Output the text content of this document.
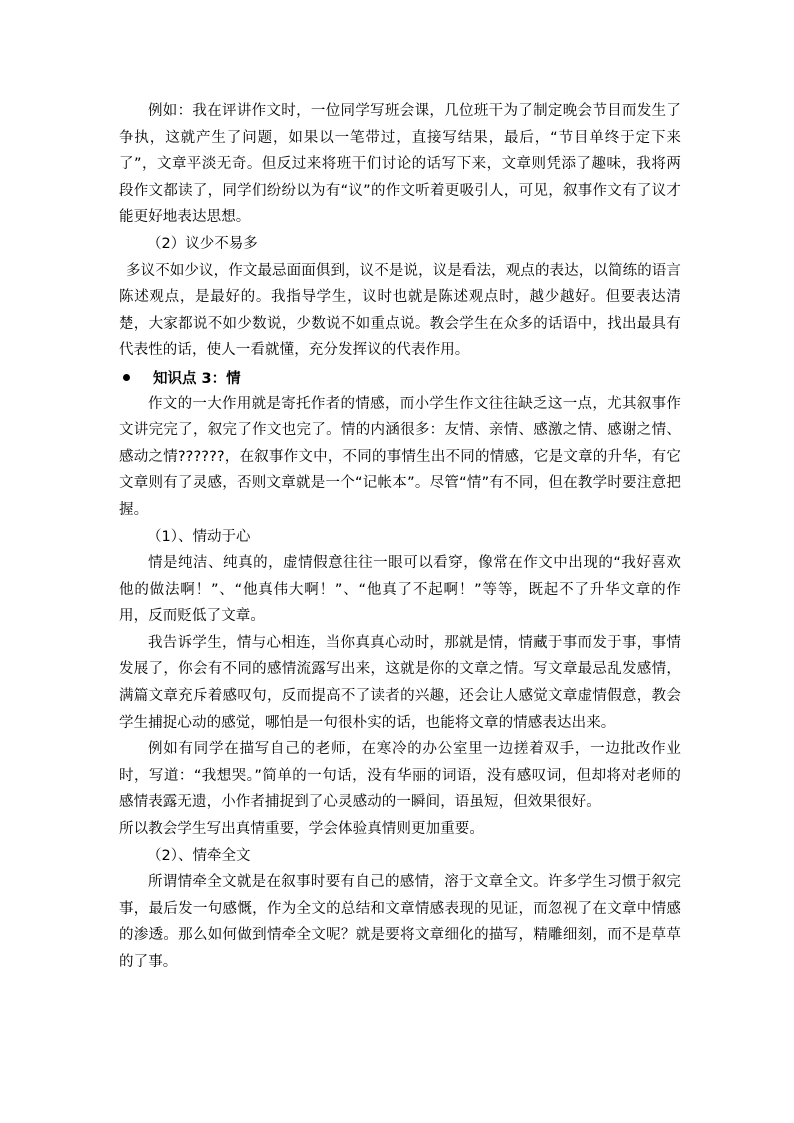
例如：我在评讲作文时，一位同学写班会课，几位班干为了制定晚会节目而发生了争执，这就产生了问题，如果以一笔带过，直接写结果，最后，“节目单终于定下来了”，文章平淡无奇。但反过来将班干们讨论的话写下来，文章则凭添了趣味，我将两段作文都读了，同学们纷纷以为有“议”的作文听着更吸引人，可见，叙事作文有了议才能更好地表达思想。

（2）议少不易多

多议不如少议，作文最忌面面俱到，议不是说，议是看法，观点的表达，以简练的语言陈述观点，是最好的。我指导学生，议时也就是陈述观点时，越少越好。但要表达清楚，大家都说不如少数说，少数说不如重点说。教会学生在众多的话语中，找出最具有代表性的话，使人一看就懂，充分发挥议的代表作用。

知识点 3：情

作文的一大作用就是寄托作者的情感，而小学生作文往往缺乏这一点，尤其叙事作文讲完完了，叙完了作文也完了。情的内涵很多：友情、亲情、感激之情、感谢之情、感动之情??????，在叙事作文中，不同的事情生出不同的情感，它是文章的升华，有它文章则有了灵感，否则文章就是一个“记帐本”。尽管“情”有不同，但在教学时要注意把握。

（1）、情动于心

情是纯洁、纯真的，虚情假意往往一眼可以看穿，像常在作文中出现的“我好喜欢他的做法啊！”、“他真伟大啊！”、“他真了不起啊！”等等，既起不了升华文章的作用，反而贬低了文章。

我告诉学生，情与心相连，当你真真心动时，那就是情，情藏于事而发于事，事情发展了，你会有不同的感情流露写出来，这就是你的文章之情。写文章最忌乱发感情，满篇文章充斥着感叹句，反而提高不了读者的兴趣，还会让人感觉文章虚情假意，教会学生捕捉心动的感觉，哪怕是一句很朴实的话，也能将文章的情感表达出来。

例如有同学在描写自己的老师，在寒冷的办公室里一边搓着双手，一边批改作业时，写道：“我想哭。”简单的一句话，没有华丽的词语，没有感叹词，但却将对老师的感情表露无遗，小作者捕捉到了心灵感动的一瞬间，语虽短，但效果很好。

所以教会学生写出真情重要，学会体验真情则更加重要。

（2）、情牵全文

所谓情牵全文就是在叙事时要有自己的感情，溶于文章全文。许多学生习惯于叙完事，最后发一句感慨，作为全文的总结和文章情感表现的见证，而忽视了在文章中情感的渗透。那么如何做到情牵全文呢？就是要将文章细化的描写，精雕细刻，而不是草草的了事。
